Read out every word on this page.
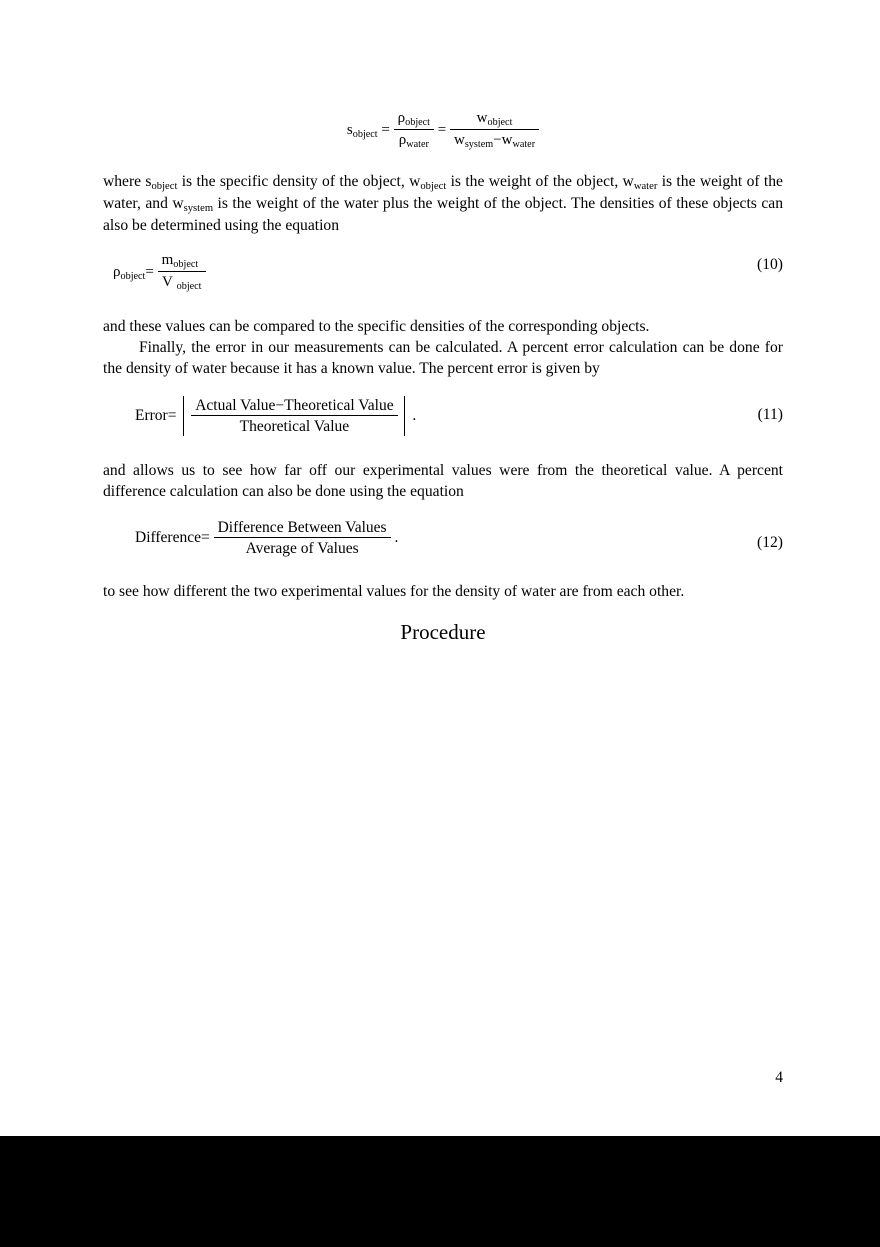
$s_{object} = \frac{\rho_{object}}{\rho_{water}} = \frac{w_{object}}{w_{system}-w_{water}}$
where $s_{object}$ is the specific density of the object, $w_{object}$ is the weight of the object, $w_{water}$ is the weight of the water, and $w_{system}$ is the weight of the water plus the weight of the object. The densities of these objects can also be determined using the equation
$\rho_{object}= \frac{m_{object}}{V _{object}}$	(10)
and these values can be compared to the specific densities of the corresponding objects.
Finally, the error in our measurements can be calculated. A percent error calculation can be done for the density of water because it has a known value. The percent error is given by
Error= $\frac{\text{Actual Value−Theoretical Value}}{\text{Theoretical Value}}$ .	(11)
and allows us to see how far off our experimental values were from the theoretical value. A percent difference calculation can also be done using the equation
Difference= $\frac{\text{Difference Between Values}}{\text{Average of Values}}$ .	(12)
to see how different the two experimental values for the density of water are from each other.
Procedure
4
